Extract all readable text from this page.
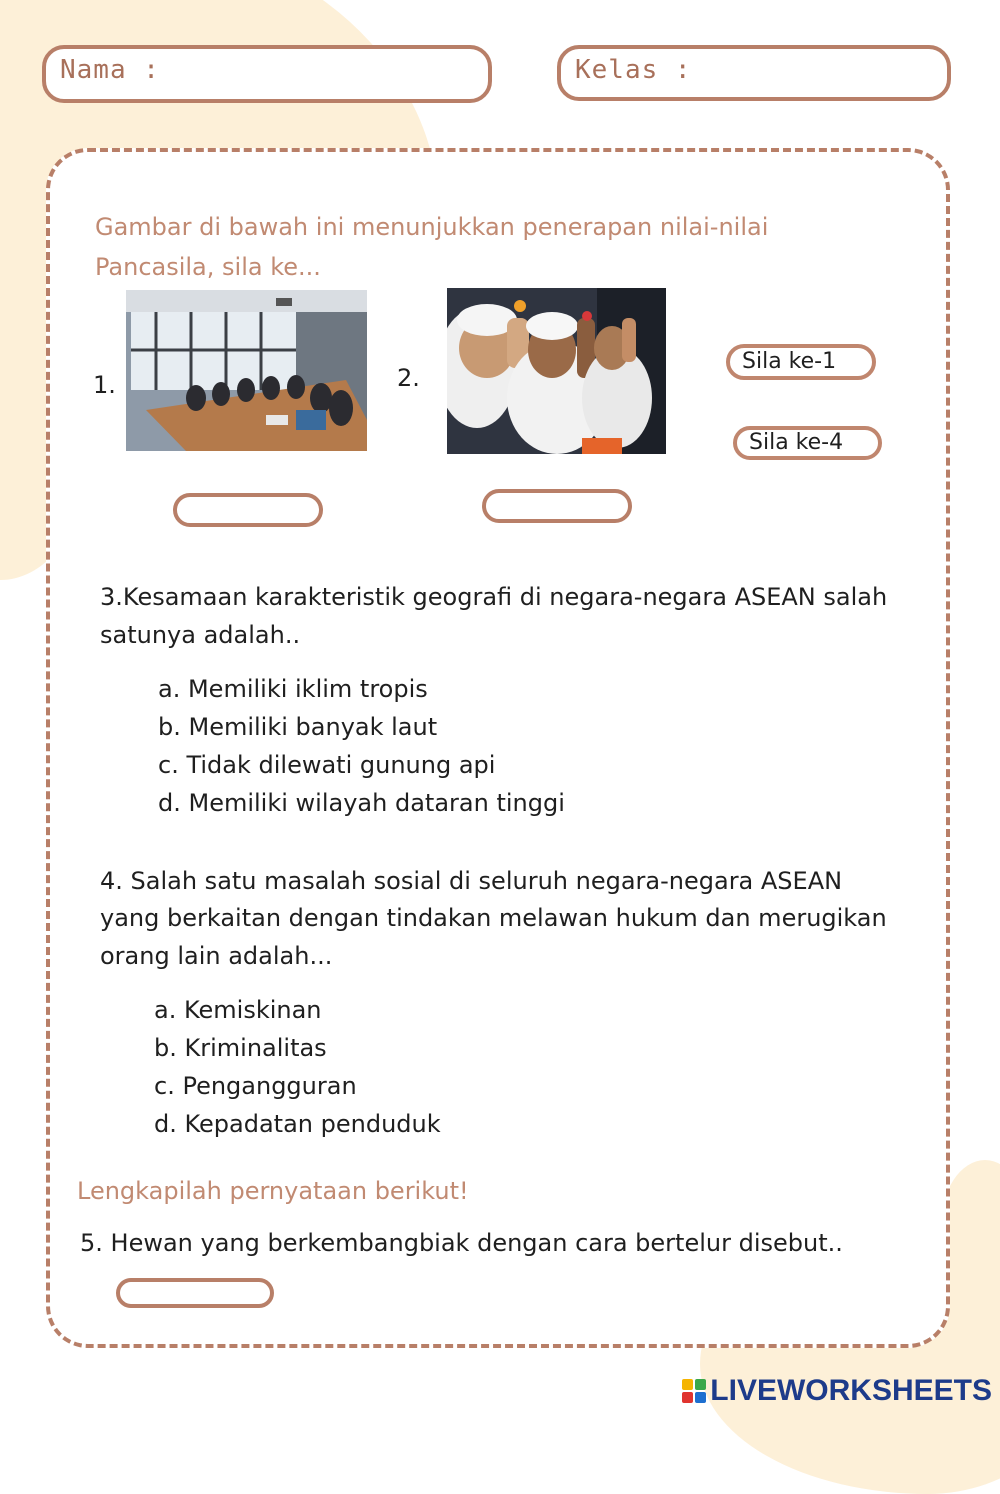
Nama :	Kelas :
Gambar di bawah ini menunjukkan penerapan nilai-nilai
Pancasila, sila ke...
1.	2.
Sila ke-1
Sila ke-4
3.Kesamaan karakteristik geografi di negara-negara ASEAN salah
satunya adalah..
a. Memiliki iklim tropis
b. Memiliki banyak laut
c. Tidak dilewati gunung api
d. Memiliki wilayah dataran tinggi
4. Salah satu masalah sosial di seluruh negara-negara ASEAN
yang berkaitan dengan tindakan melawan hukum dan merugikan
orang lain adalah...
a. Kemiskinan
b. Kriminalitas
c. Pengangguran
d. Kepadatan penduduk
Lengkapilah pernyataan berikut!
5. Hewan yang berkembangbiak dengan cara bertelur disebut..
LIVEWORKSHEETS
